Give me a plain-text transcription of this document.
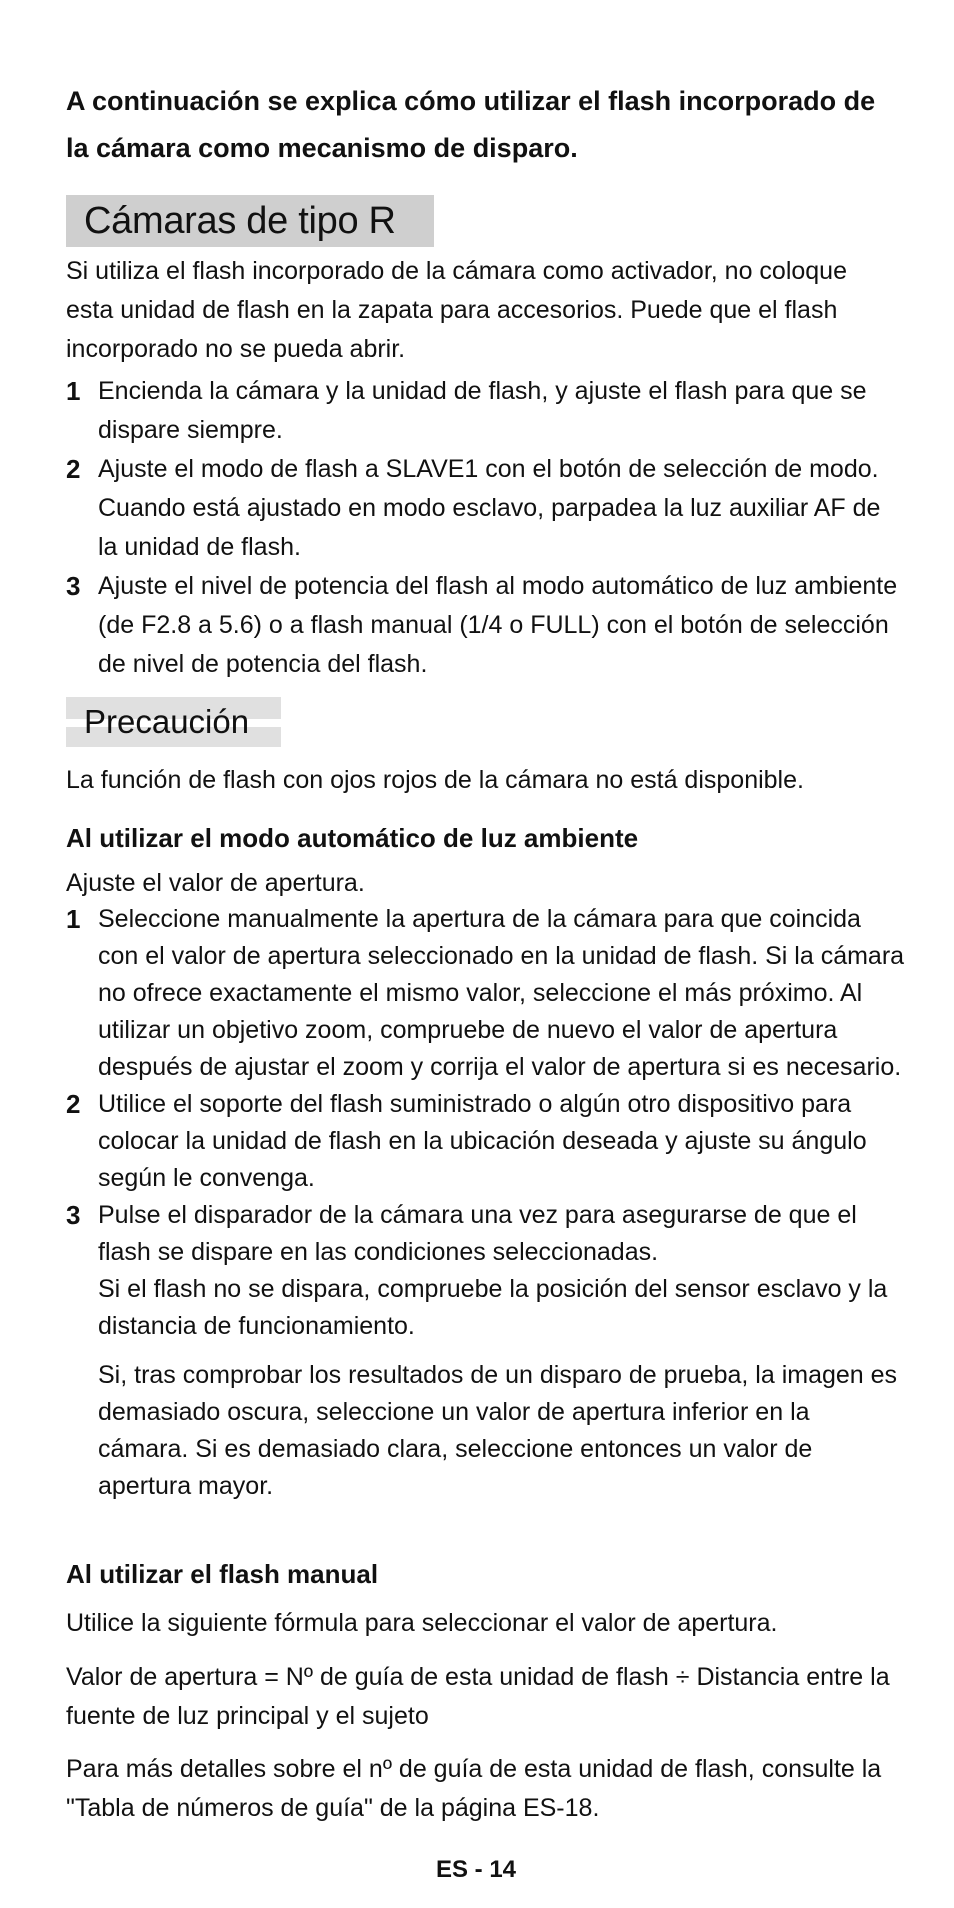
A continuación se explica cómo utilizar el flash incorporado de la cámara como mecanismo de disparo.
Cámaras de tipo R
Si utiliza el flash incorporado de la cámara como activador, no coloque esta unidad de flash en la zapata para accesorios. Puede que el flash incorporado no se pueda abrir.
1 Encienda la cámara y la unidad de flash, y ajuste el flash para que se dispare siempre.
2 Ajuste el modo de flash a SLAVE1 con el botón de selección de modo. Cuando está ajustado en modo esclavo, parpadea la luz auxiliar AF de la unidad de flash.
3 Ajuste el nivel de potencia del flash al modo automático de luz ambiente (de F2.8 a 5.6) o a flash manual (1/4 o FULL) con el botón de selección de nivel de potencia del flash.
Precaución
La función de flash con ojos rojos de la cámara no está disponible.
Al utilizar el modo automático de luz ambiente
Ajuste el valor de apertura.
1 Seleccione manualmente la apertura de la cámara para que coincida con el valor de apertura seleccionado en la unidad de flash. Si la cámara no ofrece exactamente el mismo valor, seleccione el más próximo. Al utilizar un objetivo zoom, compruebe de nuevo el valor de apertura después de ajustar el zoom y corrija el valor de apertura si es necesario.
2 Utilice el soporte del flash suministrado o algún otro dispositivo para colocar la unidad de flash en la ubicación deseada y ajuste su ángulo según le convenga.
3 Pulse el disparador de la cámara una vez para asegurarse de que el flash se dispare en las condiciones seleccionadas.
Si el flash no se dispara, compruebe la posición del sensor esclavo y la distancia de funcionamiento.
Si, tras comprobar los resultados de un disparo de prueba, la imagen es demasiado oscura, seleccione un valor de apertura inferior en la cámara. Si es demasiado clara, seleccione entonces un valor de apertura mayor.
Al utilizar el flash manual
Utilice la siguiente fórmula para seleccionar el valor de apertura.
Valor de apertura = Nº de guía de esta unidad de flash ÷ Distancia entre la fuente de luz principal y el sujeto
Para más detalles sobre el nº de guía de esta unidad de flash, consulte la "Tabla de números de guía" de la página ES-18.
ES - 14
